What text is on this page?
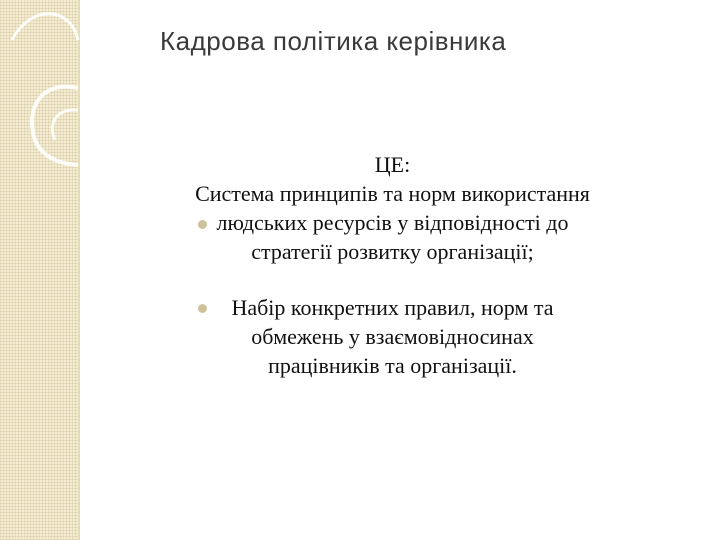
Кадрова політика керівника

ЦЕ:

Система принципів та норм використання людських ресурсів у відповідності до стратегії розвитку організації;
Набір конкретних правил, норм та обмежень у взаємовідносинах працівників та організації.
